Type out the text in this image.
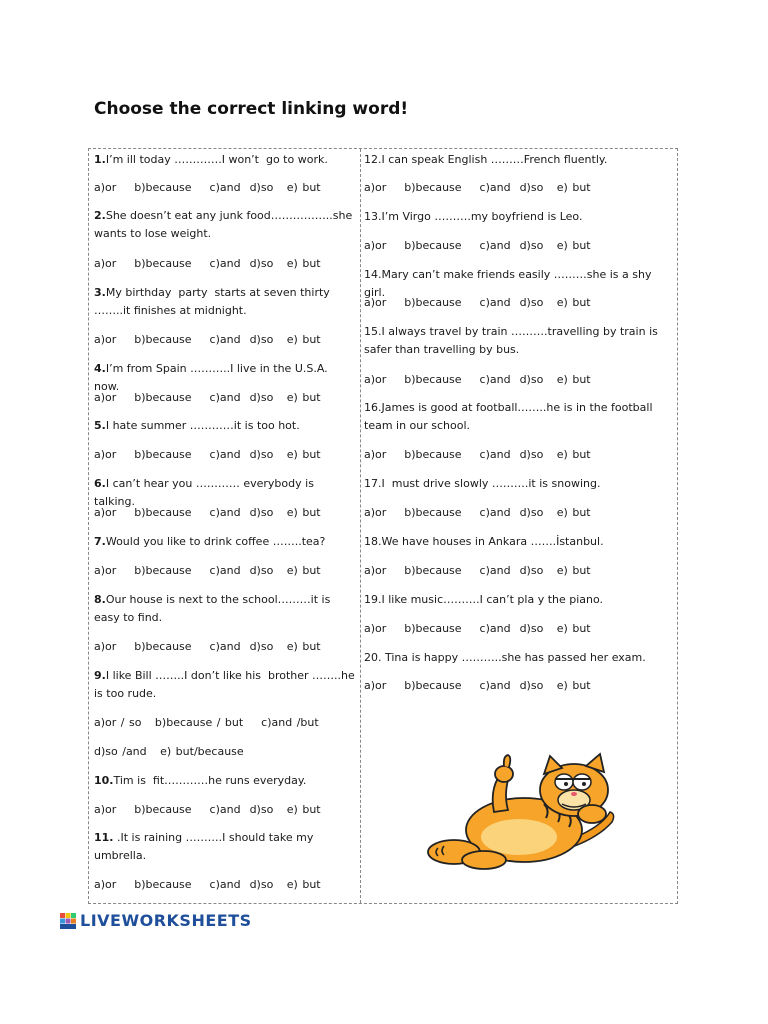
Choose the correct linking word!
1.I’m ill today ………….I won’t  go to work.
a)or    b)because    c)and  d)so   e) but
2.She doesn’t eat any junk food……………..she wants to lose weight.
a)or    b)because    c)and  d)so   e) but
3.My birthday  party  starts at seven thirty ……..it finishes at midnight.
a)or    b)because    c)and  d)so   e) but
4.I’m from Spain ………..I live in the U.S.A. now.
a)or    b)because    c)and  d)so   e) but
5.I hate summer …………it is too hot.
a)or    b)because    c)and  d)so   e) but
6.I can’t hear you ………… everybody is talking.
a)or    b)because    c)and  d)so   e) but
7.Would you like to drink coffee ……..tea?
a)or    b)because    c)and  d)so   e) but
8.Our house is next to the school………it is easy to find.
a)or    b)because    c)and  d)so   e) but
9.I like Bill ……..I don’t like his  brother ……..he is too rude.
a)or / so   b)because / but    c)and /but
d)so /and   e) but/because
10.Tim is  fit…………he runs everyday.
a)or    b)because    c)and  d)so   e) but
11. .It is raining ……….I should take my umbrella.
a)or    b)because    c)and  d)so   e) but
12.I can speak English ………French fluently.
a)or    b)because    c)and  d)so   e) but
13.I’m Virgo ……….my boyfriend is Leo.
a)or    b)because    c)and  d)so   e) but
14.Mary can’t make friends easily ………she is a shy girl.
a)or    b)because    c)and  d)so   e) but
15.I always travel by train ……….travelling by train is safer than travelling by bus.
a)or    b)because    c)and  d)so   e) but
16.James is good at football……..he is in the football team in our school.
a)or    b)because    c)and  d)so   e) but
17.I  must drive slowly ……….it is snowing.
a)or    b)because    c)and  d)so   e) but
18.We have houses in Ankara …….İstanbul.
a)or    b)because    c)and  d)so   e) but
19.I like music……….I can’t pla y the piano.
a)or    b)because    c)and  d)so   e) but
20. Tina is happy ………..she has passed her exam.
a)or    b)because    c)and  d)so   e) but
LIVEWORKSHEETS
